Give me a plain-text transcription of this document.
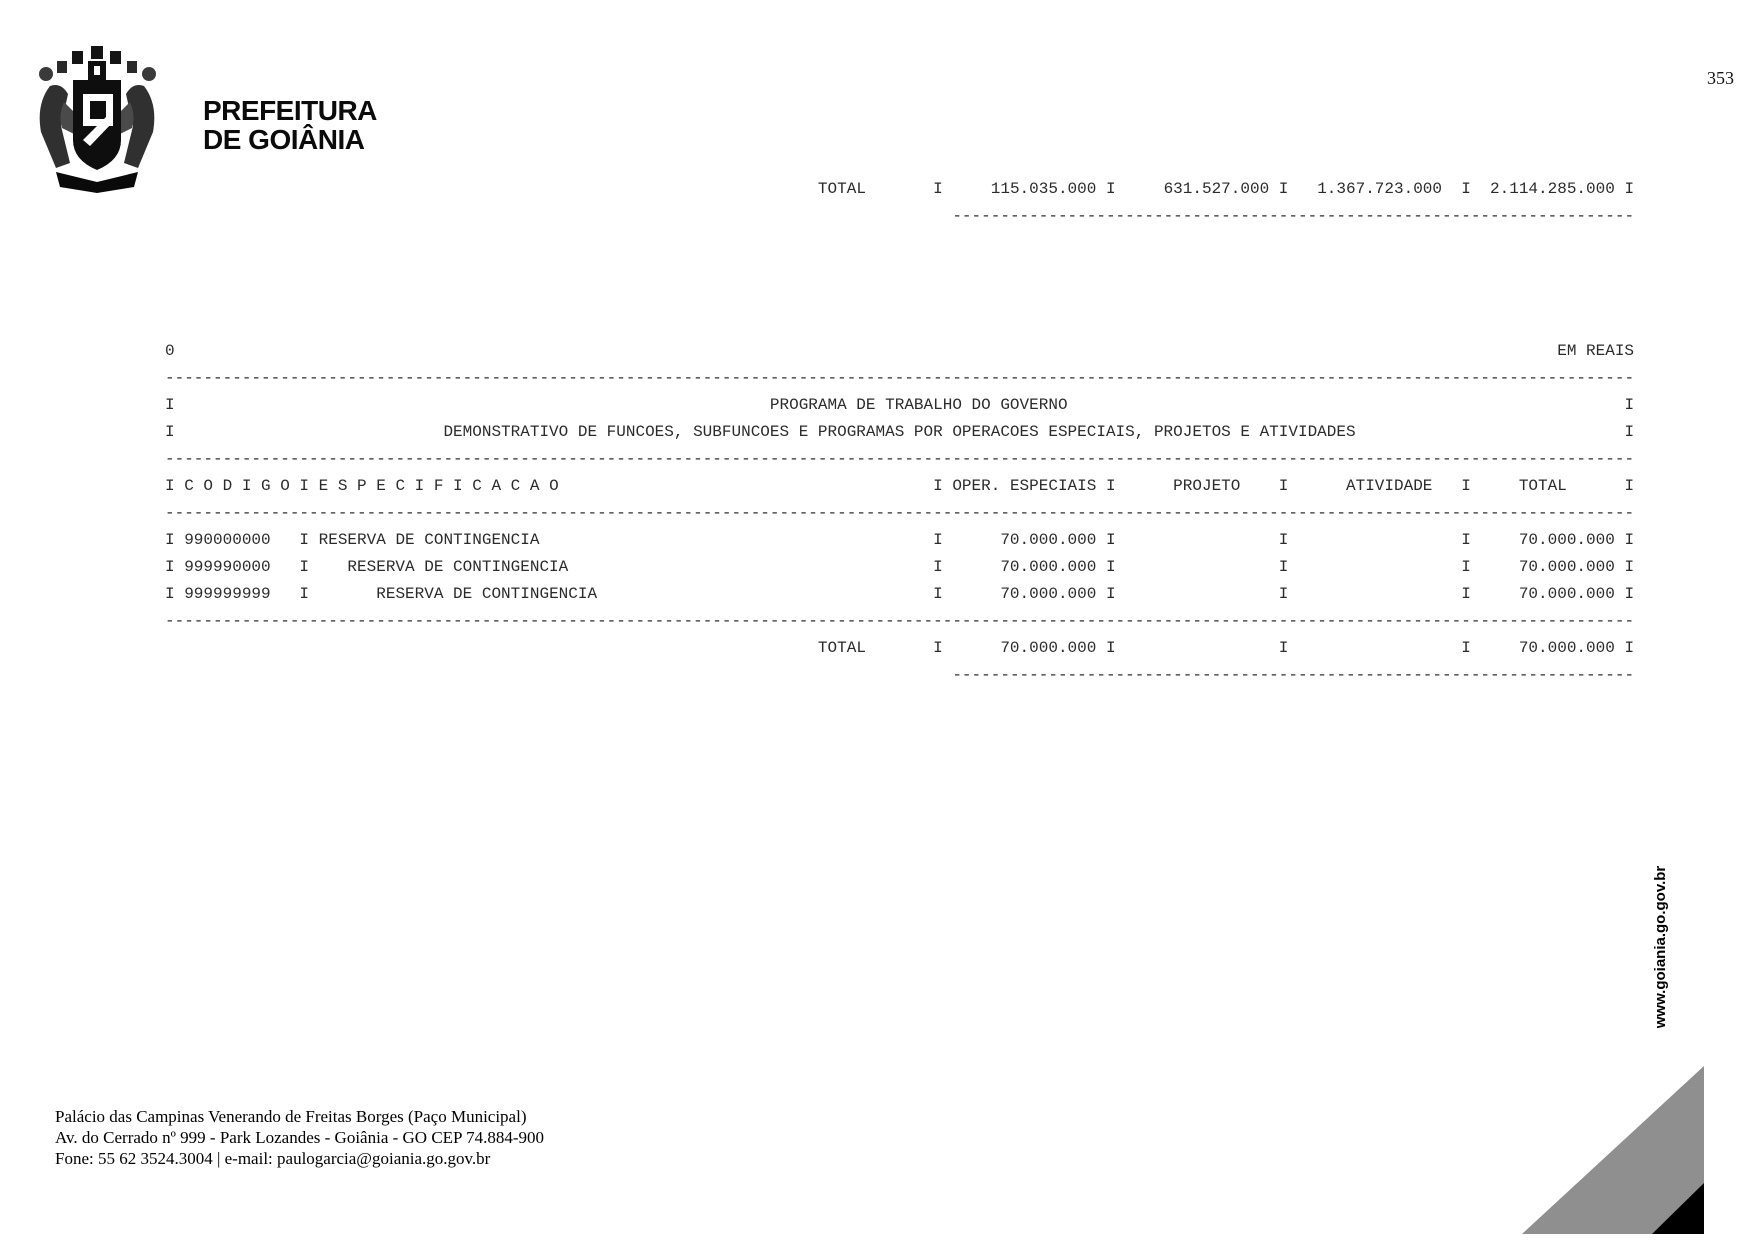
PREFEITURA
DE GOIÂNIA
353
TOTAL	I	115.035.000 I	631.527.000 I 1.367.723.000 I 2.114.285.000 I
-----------------------------------------------------------------------
0	EM REAIS
---------------------------------------------------------------------------------------------------------------------------------------------------------
I	PROGRAMA DE TRABALHO DO GOVERNO	I
I	DEMONSTRATIVO DE FUNCOES, SUBFUNCOES E PROGRAMAS POR OPERACOES ESPECIAIS, PROJETOS E ATIVIDADES	I
---------------------------------------------------------------------------------------------------------------------------------------------------------
I C O D I G O I E S P E C I F I C A C A O	I OPER. ESPECIAIS I	PROJETO I	ATIVIDADE I	TOTAL	I
---------------------------------------------------------------------------------------------------------------------------------------------------------
I 990000000 I RESERVA DE CONTINGENCIA	I	70.000.000 I	I	I	70.000.000 I
I 999990000 I RESERVA DE CONTINGENCIA	I	70.000.000 I	I	I	70.000.000 I
I 999999999 I	RESERVA DE CONTINGENCIA	I	70.000.000 I	I	I	70.000.000 I
---------------------------------------------------------------------------------------------------------------------------------------------------------
TOTAL	I	70.000.000 I	I	I	70.000.000 I
-----------------------------------------------------------------------
Palácio das Campinas Venerando de Freitas Borges (Paço Municipal)
Av. do Cerrado nº 999 - Park Lozandes - Goiânia - GO CEP 74.884-900
Fone: 55 62 3524.3004 | e-mail: paulogarcia@goiania.go.gov.br
www.goiania.go.gov.br
